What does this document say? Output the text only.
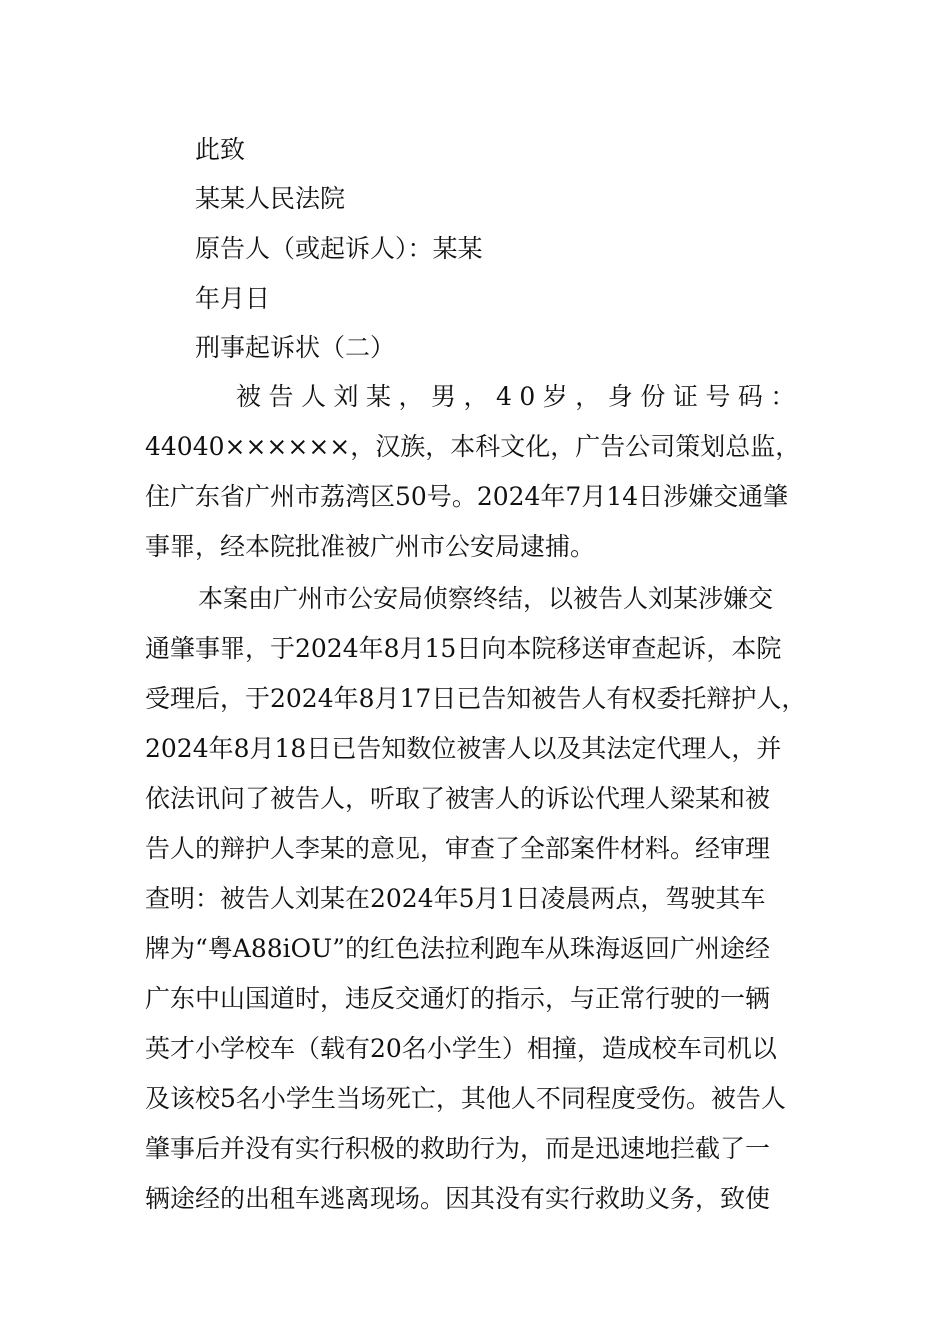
此致
某某人民法院
原告人（或起诉人）：某某
年月日
刑事起诉状（二）
被告人刘某，男，40岁，身份证号码：
44040××××××，汉族，本科文化，广告公司策划总监，
住广东省广州市荔湾区50号。2024年7月14日涉嫌交通肇
事罪，经本院批准被广州市公安局逮捕。
本案由广州市公安局侦察终结，以被告人刘某涉嫌交
通肇事罪，于2024年8月15日向本院移送审查起诉，本院
受理后，于2024年8月17日已告知被告人有权委托辩护人，
2024年8月18日已告知数位被害人以及其法定代理人，并
依法讯问了被告人，听取了被害人的诉讼代理人梁某和被
告人的辩护人李某的意见，审查了全部案件材料。经审理
查明：被告人刘某在2024年5月1日凌晨两点，驾驶其车
牌为“粤A88iOU”的红色法拉利跑车从珠海返回广州途经
广东中山国道时，违反交通灯的指示，与正常行驶的一辆
英才小学校车（载有20名小学生）相撞，造成校车司机以
及该校5名小学生当场死亡，其他人不同程度受伤。被告人
肇事后并没有实行积极的救助行为，而是迅速地拦截了一
辆途经的出租车逃离现场。因其没有实行救助义务，致使
